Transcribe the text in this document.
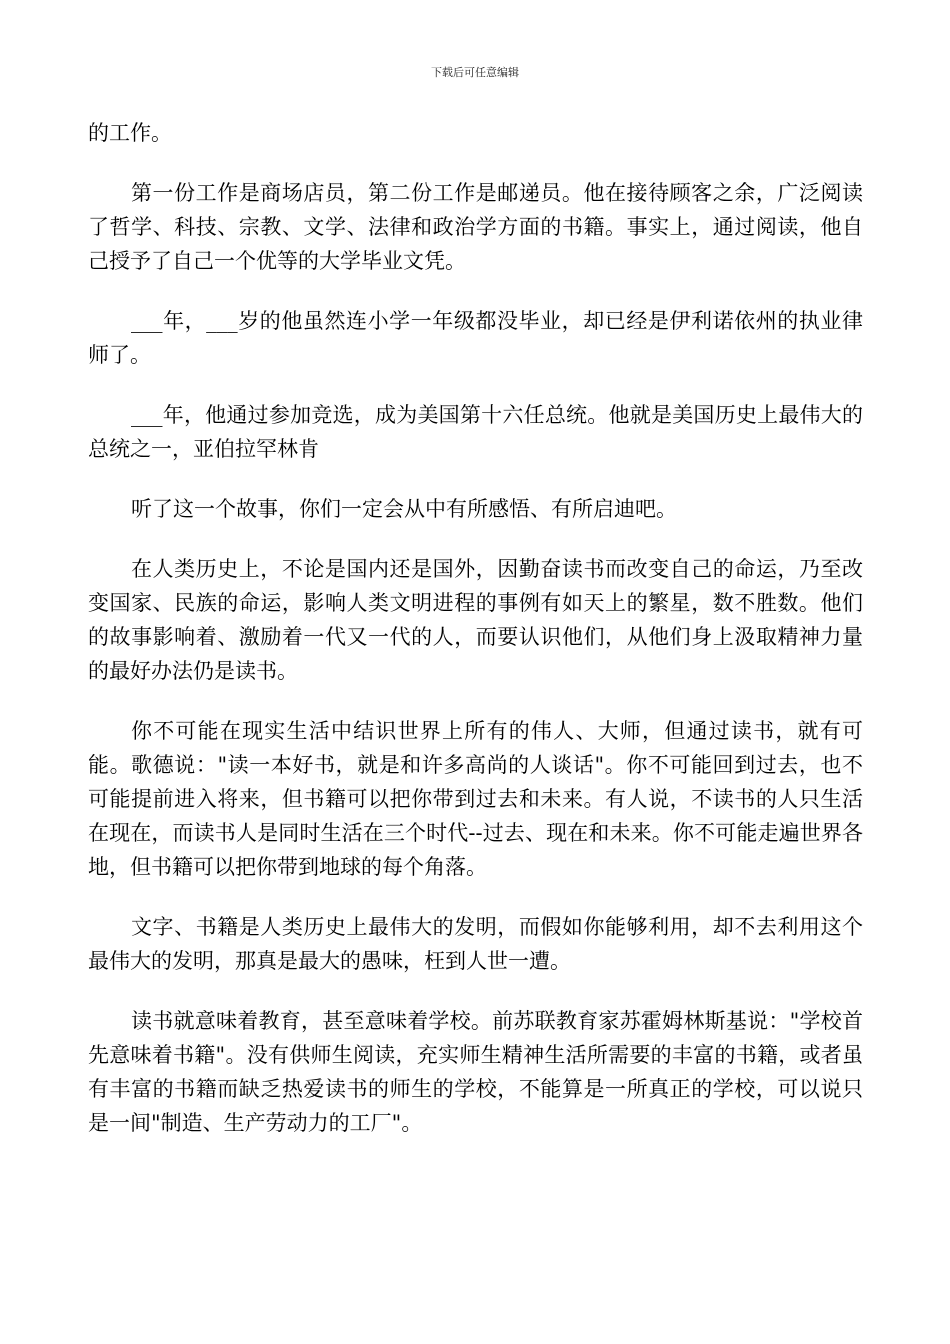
下载后可任意编辑

的工作。

第一份工作是商场店员，第二份工作是邮递员。他在接待顾客之余，广泛阅读了哲学、科技、宗教、文学、法律和政治学方面的书籍。事实上，通过阅读，他自己授予了自己一个优等的大学毕业文凭。

___年，___岁的他虽然连小学一年级都没毕业，却已经是伊利诺依州的执业律师了。

___年，他通过参加竞选，成为美国第十六任总统。他就是美国历史上最伟大的总统之一，亚伯拉罕林肯

听了这一个故事，你们一定会从中有所感悟、有所启迪吧。

在人类历史上，不论是国内还是国外，因勤奋读书而改变自己的命运，乃至改变国家、民族的命运，影响人类文明进程的事例有如天上的繁星，数不胜数。他们的故事影响着、激励着一代又一代的人，而要认识他们，从他们身上汲取精神力量的最好办法仍是读书。

你不可能在现实生活中结识世界上所有的伟人、大师，但通过读书，就有可能。歌德说："读一本好书，就是和许多高尚的人谈话"。你不可能回到过去，也不可能提前进入将来，但书籍可以把你带到过去和未来。有人说，不读书的人只生活在现在，而读书人是同时生活在三个时代--过去、现在和未来。你不可能走遍世界各地，但书籍可以把你带到地球的每个角落。

文字、书籍是人类历史上最伟大的发明，而假如你能够利用，却不去利用这个最伟大的发明，那真是最大的愚味，枉到人世一遭。

读书就意味着教育，甚至意味着学校。前苏联教育家苏霍姆林斯基说："学校首先意味着书籍"。没有供师生阅读，充实师生精神生活所需要的丰富的书籍，或者虽有丰富的书籍而缺乏热爱读书的师生的学校，不能算是一所真正的学校，可以说只是一间"制造、生产劳动力的工厂"。
